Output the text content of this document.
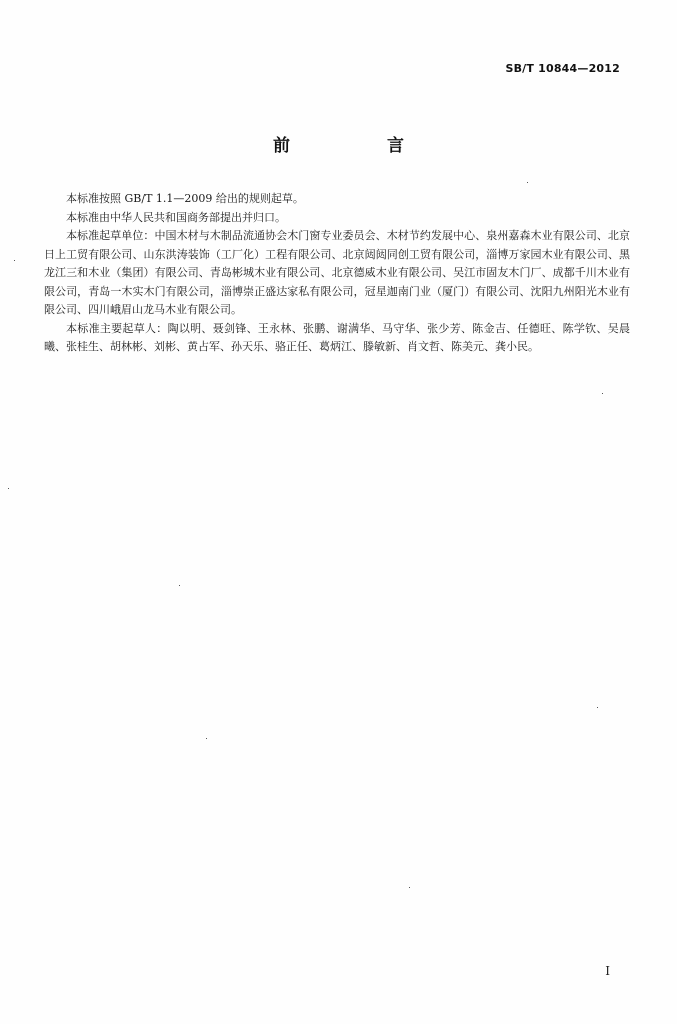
SB/T 10844—2012
前　言

本标准按照 GB/T 1.1—2009 给出的规则起草。

本标准由中华人民共和国商务部提出并归口。

本标准起草单位：中国木材与木制品流通协会木门窗专业委员会、木材节约发展中心、泉州嘉森木业有限公司、北京日上工贸有限公司、山东洪涛装饰（工厂化）工程有限公司、北京闼闼同创工贸有限公司，淄博万家园木业有限公司、黑龙江三和木业（集团）有限公司、青岛彬城木业有限公司、北京德威木业有限公司、吴江市固友木门厂、成都千川木业有限公司，青岛一木实木门有限公司，淄博崇正盛达家私有限公司，冠星迦南门业（厦门）有限公司、沈阳九州阳光木业有限公司、四川峨眉山龙马木业有限公司。

本标准主要起草人：陶以明、聂剑锋、王永林、张鹏、谢满华、马守华、张少芳、陈金吉、任德旺、陈学钦、吴晨曦、张桂生、胡林彬、刘彬、黄占军、孙天乐、骆正任、葛炳江、滕敏新、肖文哲、陈美元、龚小民。

I
